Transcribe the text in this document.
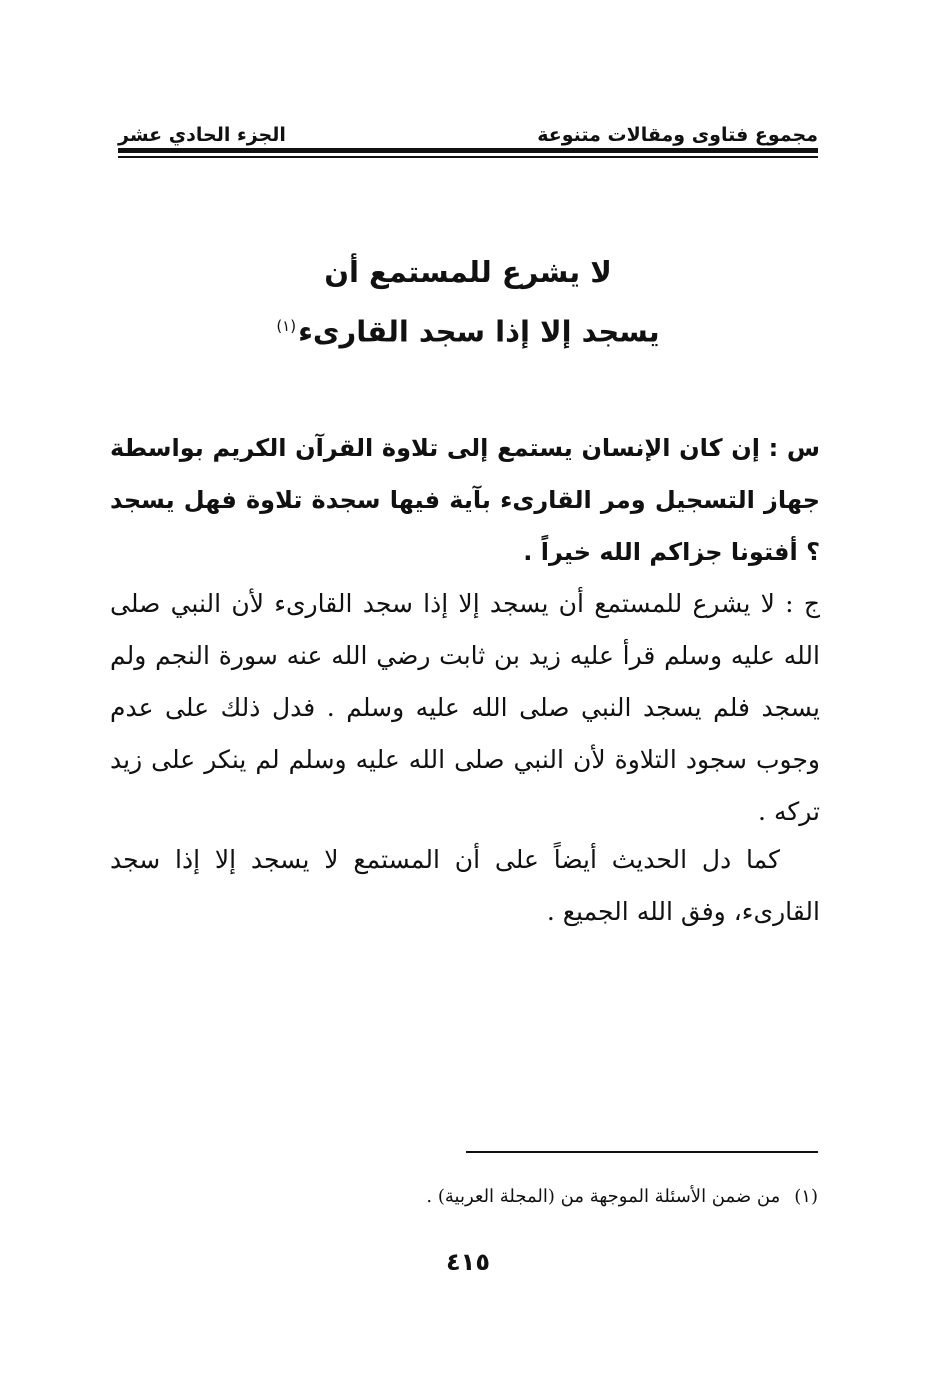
مجموع فتاوى ومقالات متنوعة
الجزء الحادي عشر
لا يشرع للمستمع أن
يسجد إلا إذا سجد القارىء$^{(١)}$

س : إن كان الإنسان يستمع إلى تلاوة القرآن الكريم بواسطة جهاز التسجيل ومر القارىء بآية فيها سجدة تلاوة فهل يسجد ؟ أفتونا جزاكم الله خيراً .

ج : لا يشرع للمستمع أن يسجد إلا إذا سجد القارىء لأن النبي صلى الله عليه وسلم قرأ عليه زيد بن ثابت رضي الله عنه سورة النجم ولم يسجد فلم يسجد النبي صلى الله عليه وسلم . فدل ذلك على عدم وجوب سجود التلاوة لأن النبي صلى الله عليه وسلم لم ينكر على زيد تركه .

كما دل الحديث أيضاً على أن المستمع لا يسجد إلا إذا سجد القارىء، وفق الله الجميع .

(١)من ضمن الأسئلة الموجهة من (المجلة العربية) .
٤١٥
